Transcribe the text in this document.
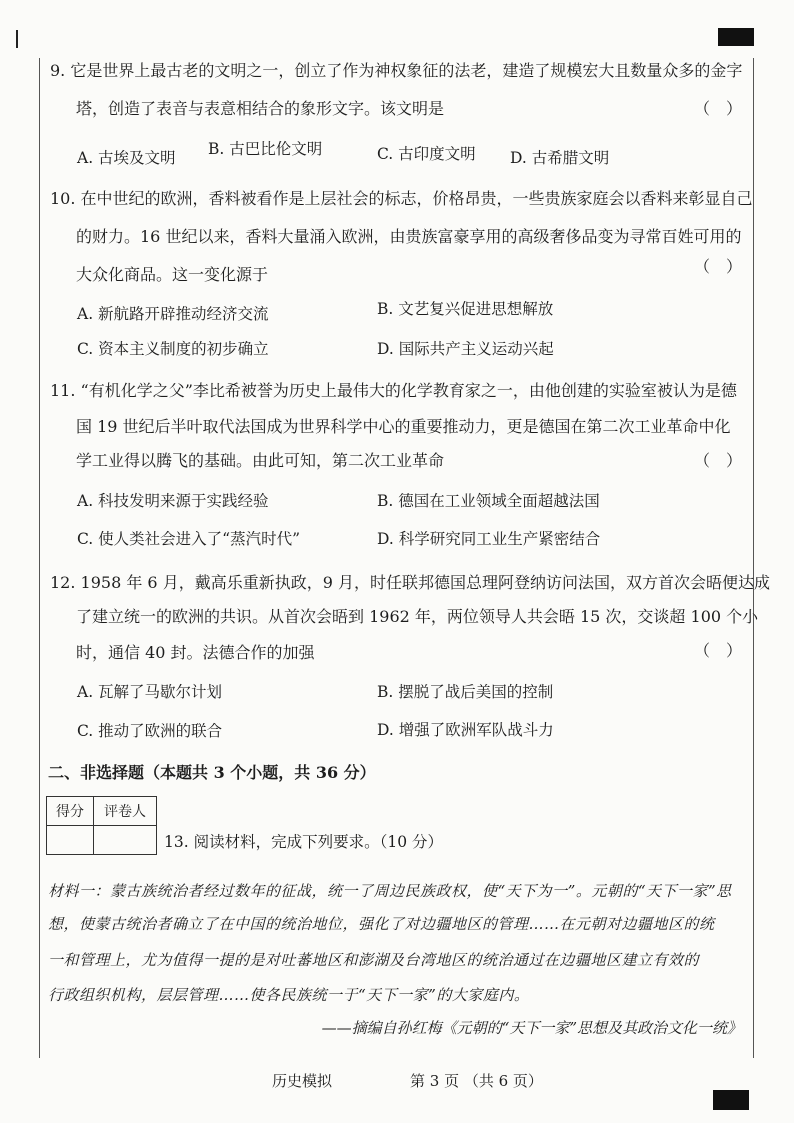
9. 它是世界上最古老的文明之一，创立了作为神权象征的法老，建造了规模宏大且数量众多的金字
塔，创造了表音与表意相结合的象形文字。该文明是	（　）
A. 古埃及文明 B. 古巴比伦文明	C. 古印度文明 D. 古希腊文明
10. 在中世纪的欧洲，香料被看作是上层社会的标志，价格昂贵，一些贵族家庭会以香料来彰显自己
的财力。16 世纪以来，香料大量涌入欧洲，由贵族富豪享用的高级奢侈品变为寻常百姓可用的
大众化商品。这一变化源于	（　）
A. 新航路开辟推动经济交流	B. 文艺复兴促进思想解放
C. 资本主义制度的初步确立	D. 国际共产主义运动兴起
11. “有机化学之父”李比希被誉为历史上最伟大的化学教育家之一，由他创建的实验室被认为是德
国 19 世纪后半叶取代法国成为世界科学中心的重要推动力，更是德国在第二次工业革命中化
学工业得以腾飞的基础。由此可知，第二次工业革命	（　）
A. 科技发明来源于实践经验	B. 德国在工业领域全面超越法国
C. 使人类社会进入了“蒸汽时代”	D. 科学研究同工业生产紧密结合
12. 1958 年 6 月，戴高乐重新执政，9 月，时任联邦德国总理阿登纳访问法国，双方首次会晤便达成
了建立统一的欧洲的共识。从首次会晤到 1962 年，两位领导人共会晤 15 次，交谈超 100 个小
时，通信 40 封。法德合作的加强	（　）
A. 瓦解了马歇尔计划	B. 摆脱了战后美国的控制
C. 推动了欧洲的联合	D. 增强了欧洲军队战斗力
二、非选择题（本题共 3 个小题，共 36 分）
得分	评卷人

13. 阅读材料，完成下列要求。（10 分）
材料一：蒙古族统治者经过数年的征战，统一了周边民族政权，使“天下为一”。元朝的“天下一家”思
想，使蒙古统治者确立了在中国的统治地位，强化了对边疆地区的管理……在元朝对边疆地区的统
一和管理上，尤为值得一提的是对吐蕃地区和澎湖及台湾地区的统治通过在边疆地区建立有效的
行政组织机构，层层管理……使各民族统一于“天下一家”的大家庭内。
——摘编自孙红梅《元朝的“天下一家”思想及其政治文化一统》
历史模拟	第 3 页 （共 6 页）
